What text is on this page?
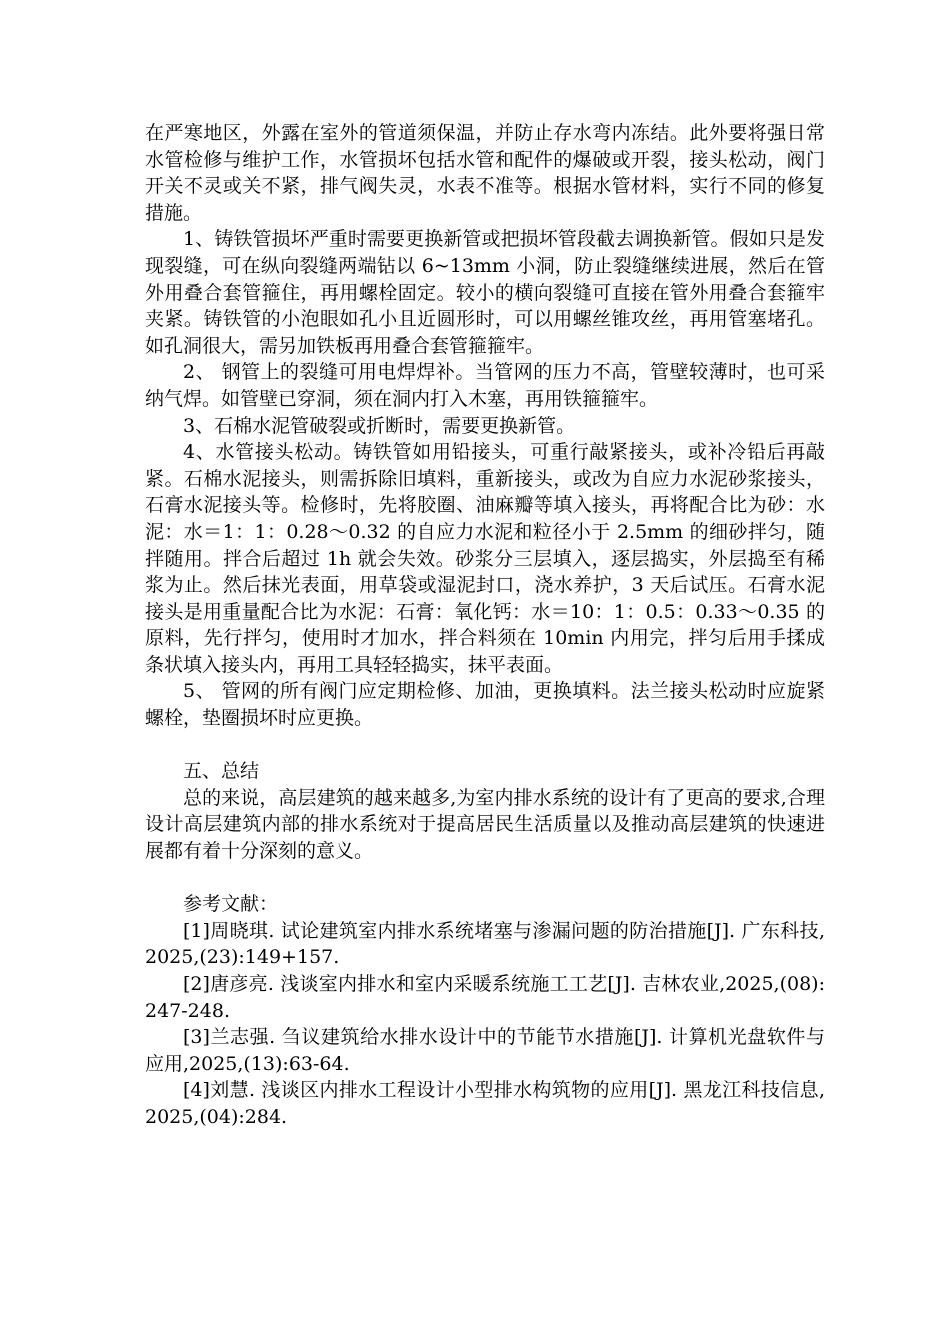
在严寒地区，外露在室外的管道须保温，并防止存水弯内冻结。此外要将强日常水管检修与维护工作，水管损坏包括水管和配件的爆破或开裂，接头松动，阀门开关不灵或关不紧，排气阀失灵，水表不准等。根据水管材料，实行不同的修复措施。

1、铸铁管损坏严重时需要更换新管或把损坏管段截去调换新管。假如只是发现裂缝，可在纵向裂缝两端钻以 6~13mm 小洞，防止裂缝继续进展，然后在管外用叠合套管箍住，再用螺栓固定。较小的横向裂缝可直接在管外用叠合套箍牢夹紧。铸铁管的小泡眼如孔小且近圆形时，可以用螺丝锥攻丝，再用管塞堵孔。如孔洞很大，需另加铁板再用叠合套管箍箍牢。

2、 钢管上的裂缝可用电焊焊补。当管网的压力不高，管壁较薄时，也可采纳气焊。如管壁已穿洞，须在洞内打入木塞，再用铁箍箍牢。

3、石棉水泥管破裂或折断时，需要更换新管。

4、水管接头松动。铸铁管如用铅接头，可重行敲紧接头，或补冷铅后再敲紧。石棉水泥接头，则需拆除旧填料，重新接头，或改为自应力水泥砂浆接头，石膏水泥接头等。检修时，先将胶圈、油麻瓣等填入接头，再将配合比为砂：水泥：水＝1：1：0.28～0.32 的自应力水泥和粒径小于 2.5mm 的细砂拌匀，随拌随用。拌合后超过 1h 就会失效。砂浆分三层填入，逐层捣实，外层捣至有稀浆为止。然后抹光表面，用草袋或湿泥封口，浇水养护，3 天后试压。石膏水泥接头是用重量配合比为水泥：石膏：氧化钙：水＝10：1：0.5：0.33～0.35 的原料，先行拌匀，使用时才加水，拌合料须在 10min 内用完，拌匀后用手揉成条状填入接头内，再用工具轻轻捣实，抹平表面。

5、 管网的所有阀门应定期检修、加油，更换填料。法兰接头松动时应旋紧螺栓，垫圈损坏时应更换。

五、总结

总的来说，高层建筑的越来越多,为室内排水系统的设计有了更高的要求,合理设计高层建筑内部的排水系统对于提高居民生活质量以及推动高层建筑的快速进展都有着十分深刻的意义。

参考文献：

[1]周晓琪. 试论建筑室内排水系统堵塞与渗漏问题的防治措施[J]. 广东科技,2025,(23):149+157.

[2]唐彦亮. 浅谈室内排水和室内采暖系统施工工艺[J]. 吉林农业,2025,(08):247-248.

[3]兰志强. 刍议建筑给水排水设计中的节能节水措施[J]. 计算机光盘软件与应用,2025,(13):63-64.

[4]刘慧. 浅谈区内排水工程设计小型排水构筑物的应用[J]. 黑龙江科技信息,2025,(04):284.
